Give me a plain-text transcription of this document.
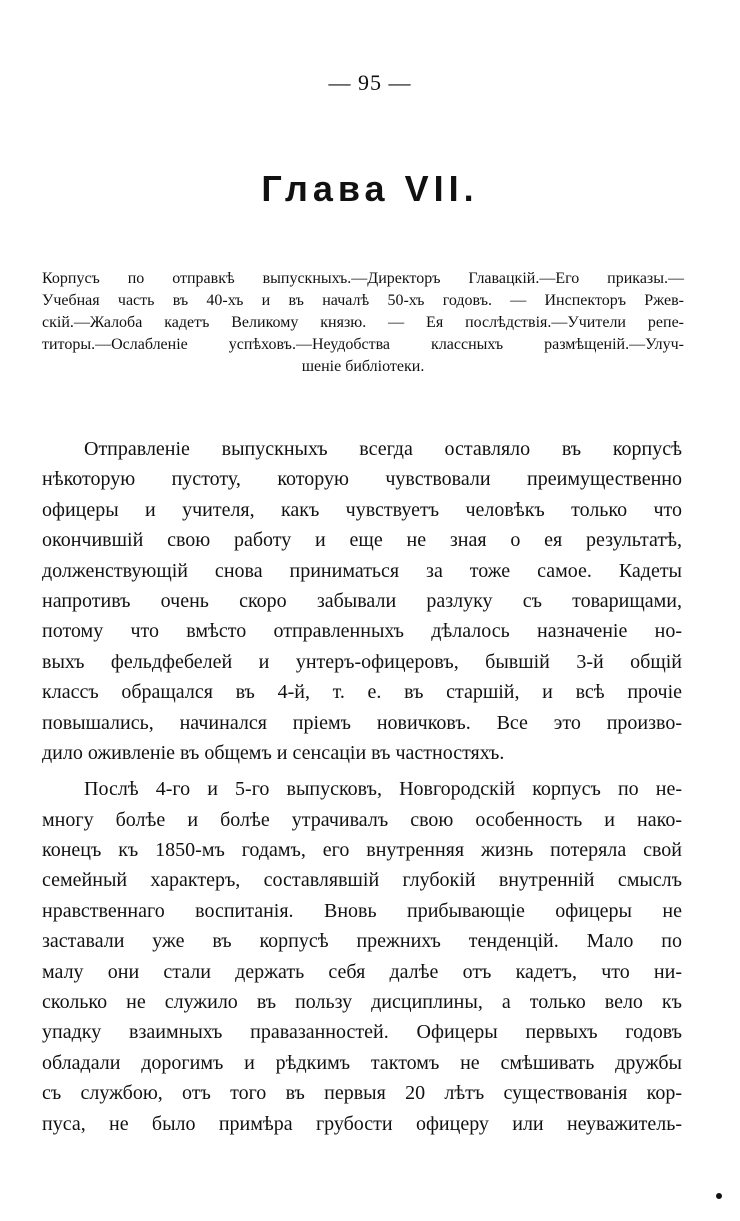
— 95 —
Глава VII.
Корпусъ по отправкѣ выпускныхъ.—Директоръ Главацкій.—Его приказы.—
Учебная часть въ 40-хъ и въ началѣ 50-хъ годовъ. — Инспекторъ Ржев-
скій.—Жалоба кадетъ Великому князю. — Ея послѣдствія.—Учители репе-
титоры.—Ослабленіе успѣховъ.—Неудобства классныхъ размѣщеній.—Улуч-
шеніе библіотеки.
Отправленіе выпускныхъ всегда оставляло въ корпусѣ
нѣкоторую пустоту, которую чувствовали преимущественно
офицеры и учителя, какъ чувствуетъ человѣкъ только что
окончившій свою работу и еще не зная о ея результатѣ,
долженствующій снова приниматься за тоже самое. Кадеты
напротивъ очень скоро забывали разлуку съ товарищами,
потому что вмѣсто отправленныхъ дѣлалось назначеніе но-
выхъ фельдфебелей и унтеръ-офицеровъ, бывшій 3-й общій
классъ обращался въ 4-й, т. е. въ старшій, и всѣ прочіе
повышались, начинался пріемъ новичковъ. Все это произво-
дило оживленіе въ общемъ и сенсаціи въ частностяхъ.
Послѣ 4-го и 5-го выпусковъ, Новгородскій корпусъ по не-
многу болѣе и болѣе утрачивалъ свою особенность и нако-
конецъ къ 1850-мъ годамъ, его внутренняя жизнь потеряла свой
семейный характеръ, составлявшій глубокій внутренній смыслъ
нравственнаго воспитанія. Вновь прибывающіе офицеры не
заставали уже въ корпусѣ прежнихъ тенденцій. Мало по
малу они стали держать себя далѣе отъ кадетъ, что ни-
сколько не служило въ пользу дисциплины, а только вело къ
упадку взаимныхъ правазанностей. Офицеры первыхъ годовъ
обладали дорогимъ и рѣдкимъ тактомъ не смѣшивать дружбы
съ службою, отъ того въ первыя 20 лѣтъ существованія кор-
пуса, не было примѣра грубости офицеру или неуважитель-
